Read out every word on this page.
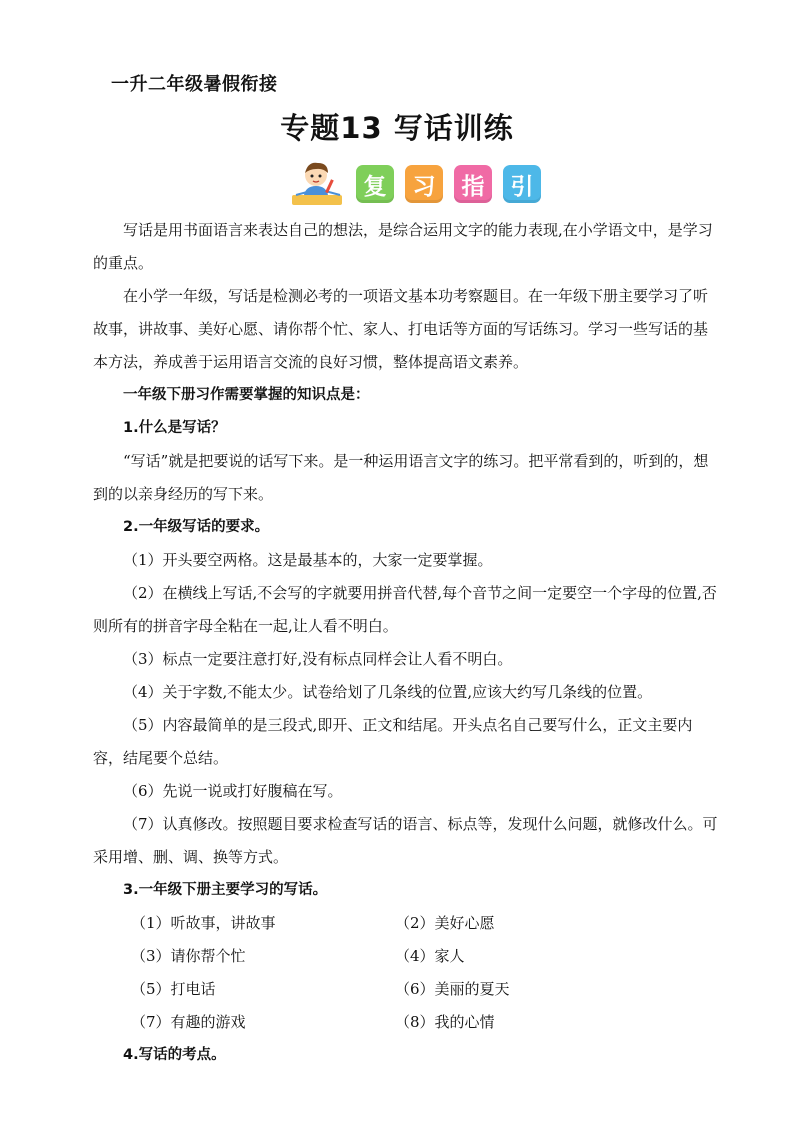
一升二年级暑假衔接
专题13 写话训练
复	习	指	引

写话是用书面语言来表达自己的想法，是综合运用文字的能力表现,在小学语文中，是学习的重点。

在小学一年级，写话是检测必考的一项语文基本功考察题目。在一年级下册主要学习了听故事，讲故事、美好心愿、请你帮个忙、家人、打电话等方面的写话练习。学习一些写话的基本方法，养成善于运用语言交流的良好习惯，整体提高语文素养。

一年级下册习作需要掌握的知识点是：

1.什么是写话？

“写话”就是把要说的话写下来。是一种运用语言文字的练习。把平常看到的，听到的，想到的以亲身经历的写下来。

2.一年级写话的要求。

（1）开头要空两格。这是最基本的，大家一定要掌握。

（2）在横线上写话,不会写的字就要用拼音代替,每个音节之间一定要空一个字母的位置,否则所有的拼音字母全粘在一起,让人看不明白。

（3）标点一定要注意打好,没有标点同样会让人看不明白。

（4）关于字数,不能太少。试卷给划了几条线的位置,应该大约写几条线的位置。

（5）内容最简单的是三段式,即开、正文和结尾。开头点名自己要写什么，正文主要内容，结尾要个总结。

（6）先说一说或打好腹稿在写。

（7）认真修改。按照题目要求检查写话的语言、标点等，发现什么问题，就修改什么。可采用增、删、调、换等方式。

3.一年级下册主要学习的写话。

（1）听故事，讲故事	（2）美好心愿
（3）请你帮个忙	（4）家人
（5）打电话	（6）美丽的夏天
（7）有趣的游戏	（8）我的心情

4.写话的考点。
